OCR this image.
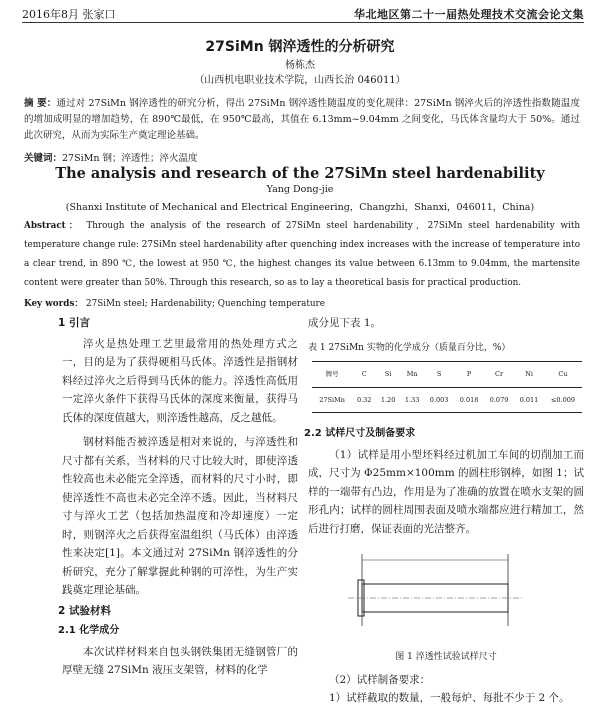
2016年8月 张家口	华北地区第二十一届热处理技术交流会论文集
27SiMn 钢淬透性的分析研究
杨栋杰
（山西机电职业技术学院，山西长治 046011）
摘 要：通过对 27SiMn 钢淬透性的研究分析，得出 27SiMn 钢淬透性随温度的变化规律：27SiMn 钢淬火后的淬透性指数随温度的增加成明显的增加趋势，在 890℃最低，在 950℃最高，其值在 6.13mm~9.04mm 之间变化，马氏体含量均大于 50%。通过此次研究，从而为实际生产奠定理论基础。
关键词：27SiMn 钢；淬透性；淬火温度
The analysis and research of the 27SiMn steel hardenability
Yang Dong-jie
(Shanxi Institute of Mechanical and Electrical Engineering，Changzhi，Shanxi，046011，China)
Abstract： Through the analysis of the research of 27SiMn steel hardenability，27SiMn steel hardenability with temperature change rule: 27SiMn steel hardenability after quenching index increases with the increase of temperature into a clear trend, in 890 ℃, the lowest at 950 ℃, the highest changes its value between 6.13mm to 9.04mm, the martensite content were greater than 50%. Through this research, so as to lay a theoretical basis for practical production.
Key words： 27SiMn steel; Hardenability; Quenching temperature
1 引言

淬火是热处理工艺里最常用的热处理方式之一，目的是为了获得硬相马氏体。淬透性是指钢材料经过淬火之后得到马氏体的能力。淬透性高低用一定淬火条件下获得马氏体的深度来衡量，获得马氏体的深度值越大，则淬透性越高，反之越低。

钢材料能否被淬透是相对来说的，与淬透性和尺寸都有关系，当材料的尺寸比较大时，即使淬透性较高也未必能完全淬透，而材料的尺寸小时，即使淬透性不高也未必完全淬不透。因此，当材料尺寸与淬火工艺（包括加热温度和冷却速度）一定时，则钢淬火之后获得室温组织（马氏体）由淬透性来决定[1]。本文通过对 27SiMn 钢淬透性的分析研究，充分了解掌握此种钢的可淬性，为生产实践奠定理论基础。

2 试验材料
2.1 化学成分

本次试样材料来自包头钢铁集团无缝钢管厂的厚壁无缝 27SiMn 液压支架管，材料的化学

成分见下表 1。

表 1 27SiMn 实物的化学成分（质量百分比，%）
牌号	C	Si	Mn	S	P	Cr	Ni	Cu
27SiMn	0.32	1.20	1.33	0.003	0.018	0.079	0.011	≤0.009
2.2 试样尺寸及制备要求

（1）试样是用小型坯料经过机加工车间的切削加工而成，尺寸为 Φ25mm×100mm 的圆柱形钢棒，如图 1；试样的一端带有凸边，作用是为了准确的放置在喷水支架的圆形孔内；试样的圆柱周围表面及喷水端都应进行精加工，然后进行打磨，保证表面的光洁整齐。

图 1 淬透性试验试样尺寸

（2）试样制备要求：

1）试样截取的数量，一般每炉、每批不少于 2 个。
